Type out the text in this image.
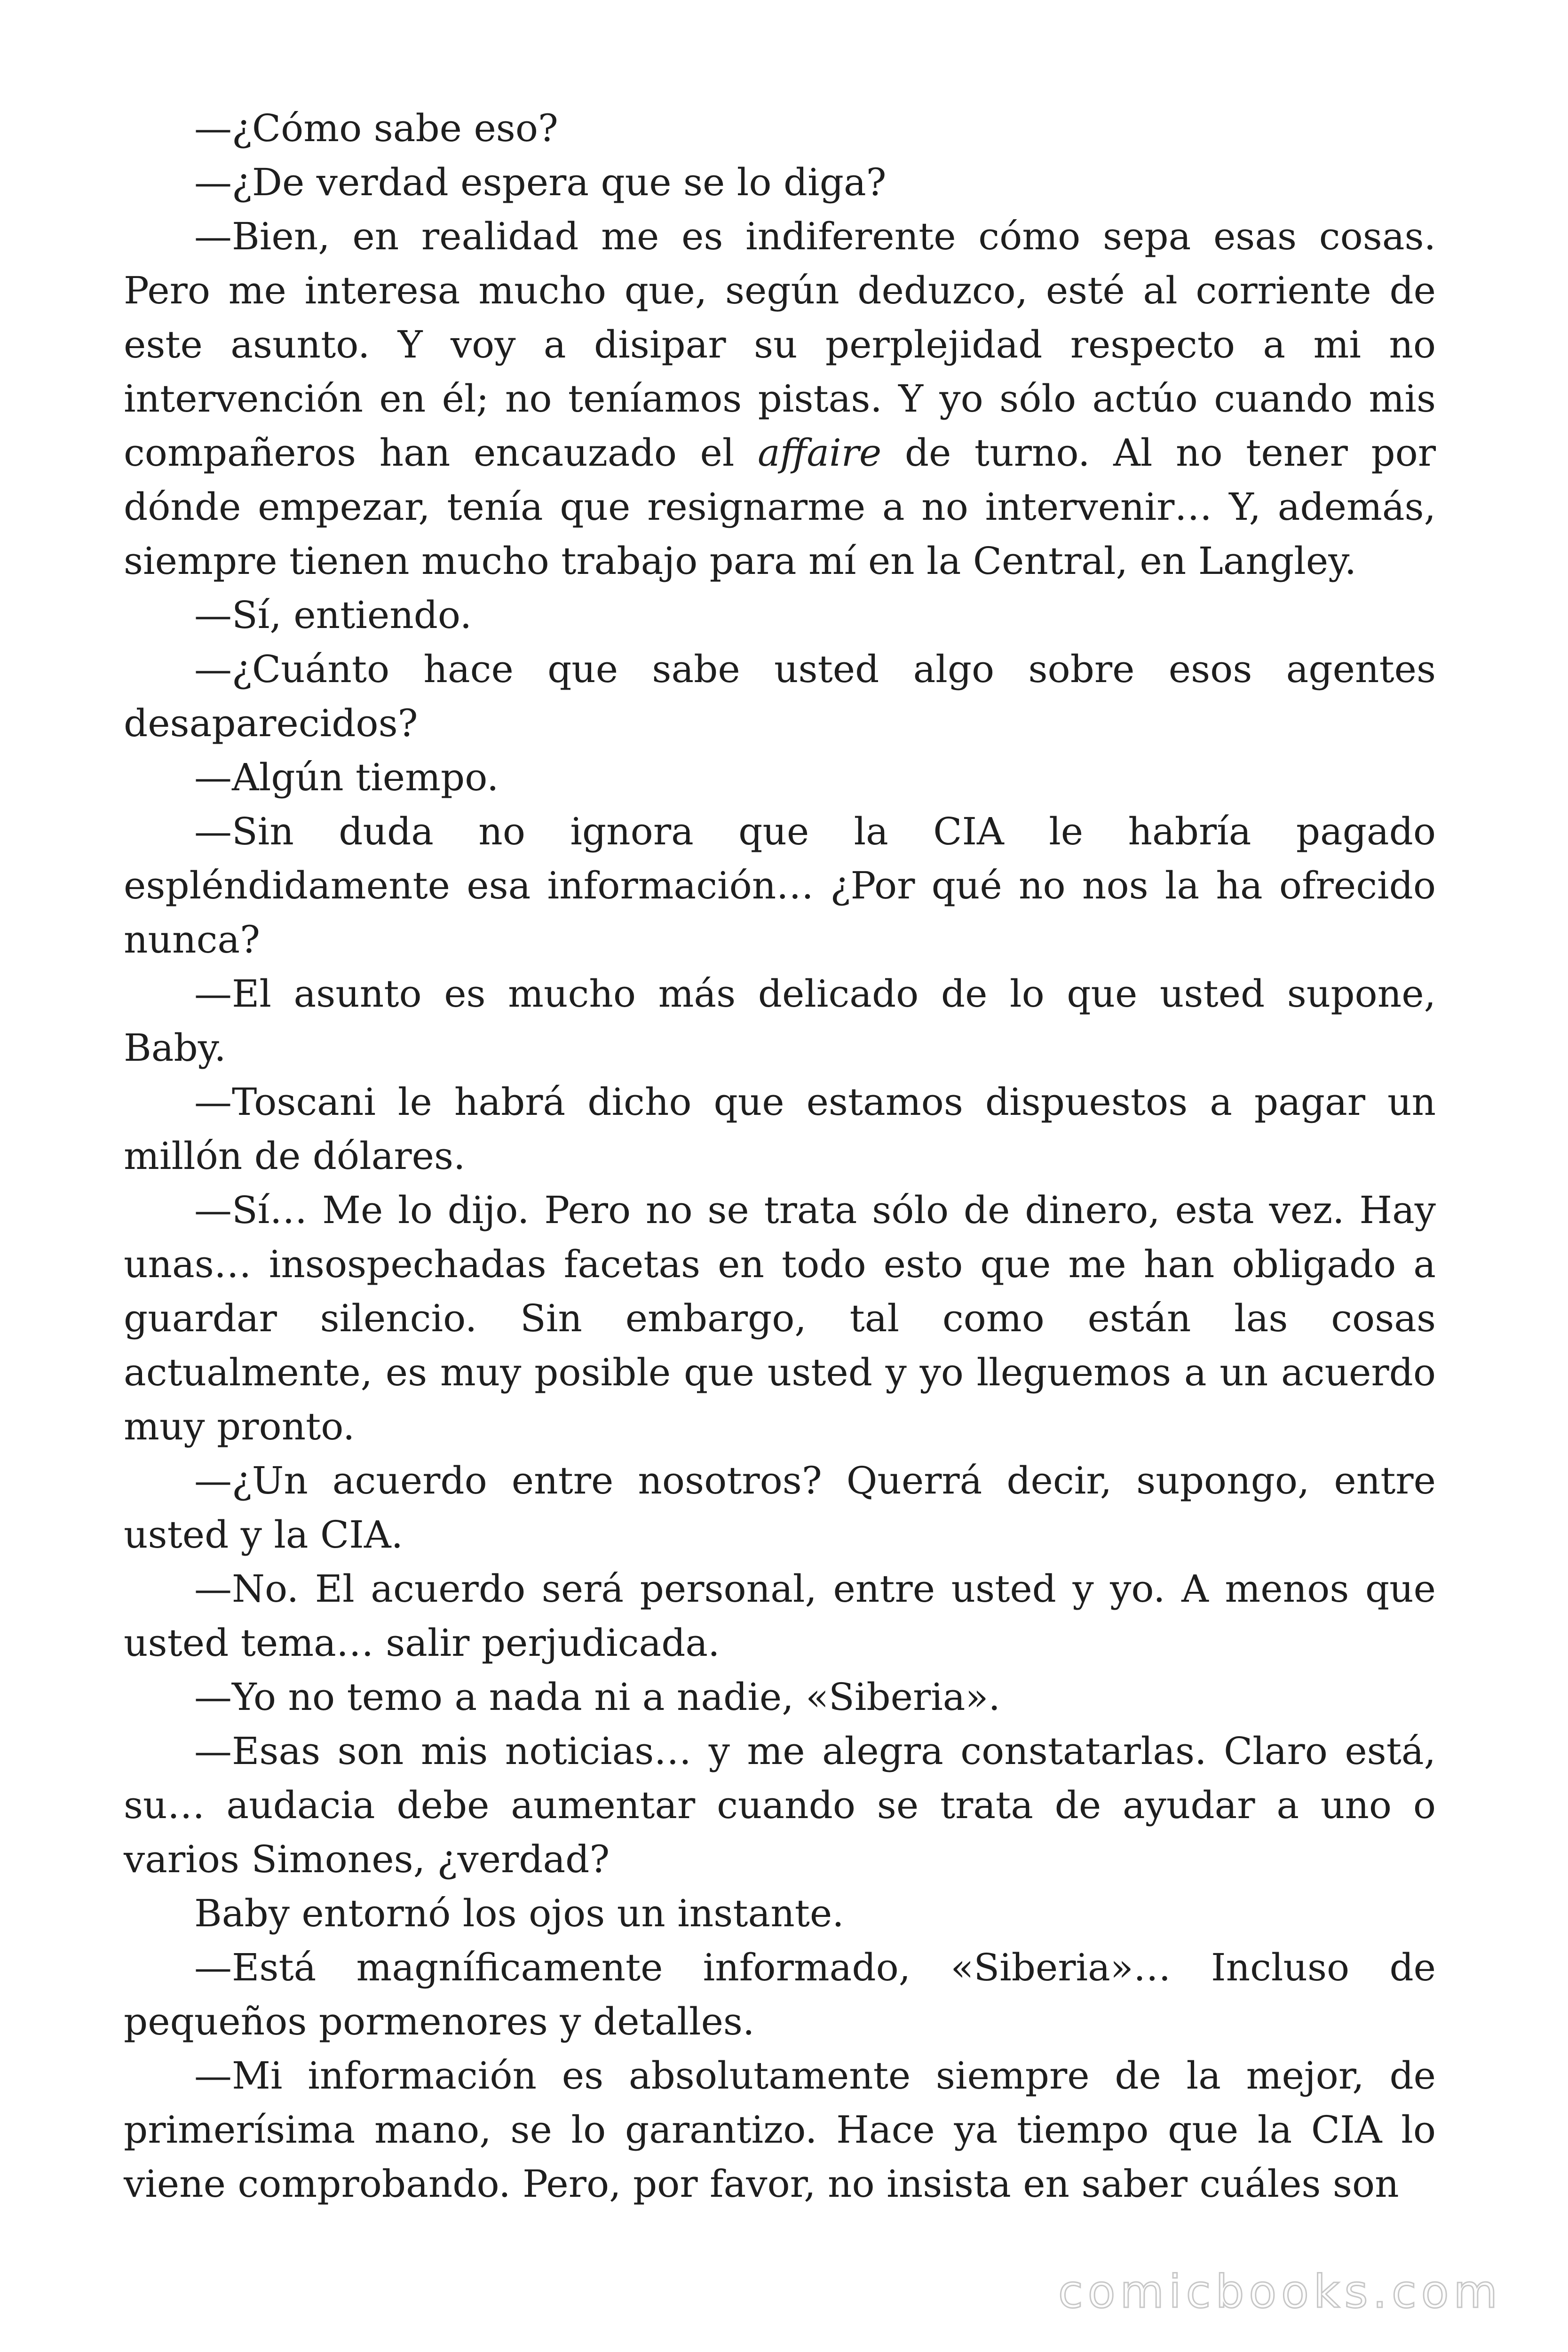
—¿Cómo sabe eso?

—¿De verdad espera que se lo diga?

—Bien, en realidad me es indiferente cómo sepa esas cosas. Pero me interesa mucho que, según deduzco, esté al corriente de este asunto. Y voy a disipar su perplejidad respecto a mi no intervención en él; no teníamos pistas. Y yo sólo actúo cuando mis compañeros han encauzado el affaire de turno. Al no tener por dónde empezar, tenía que resignarme a no intervenir… Y, además, siempre tienen mucho trabajo para mí en la Central, en Langley.

—Sí, entiendo.

—¿Cuánto hace que sabe usted algo sobre esos agentes desaparecidos?

—Algún tiempo.

—Sin duda no ignora que la CIA le habría pagado espléndidamente esa información… ¿Por qué no nos la ha ofrecido nunca?

—El asunto es mucho más delicado de lo que usted supone, Baby.

—Toscani le habrá dicho que estamos dispuestos a pagar un millón de dólares.

—Sí… Me lo dijo. Pero no se trata sólo de dinero, esta vez. Hay unas… insospechadas facetas en todo esto que me han obligado a guardar silencio. Sin embargo, tal como están las cosas actualmente, es muy posible que usted y yo lleguemos a un acuerdo muy pronto.

—¿Un acuerdo entre nosotros? Querrá decir, supongo, entre usted y la CIA.

—No. El acuerdo será personal, entre usted y yo. A menos que usted tema… salir perjudicada.

—Yo no temo a nada ni a nadie, «Siberia».

—Esas son mis noticias… y me alegra constatarlas. Claro está, su… audacia debe aumentar cuando se trata de ayudar a uno o varios Simones, ¿verdad?

Baby entornó los ojos un instante.

—Está magníficamente informado, «Siberia»… Incluso de pequeños pormenores y detalles.

—Mi información es absolutamente siempre de la mejor, de primerísima mano, se lo garantizo. Hace ya tiempo que la CIA lo viene comprobando. Pero, por favor, no insista en saber cuáles son

comicbooks.com
